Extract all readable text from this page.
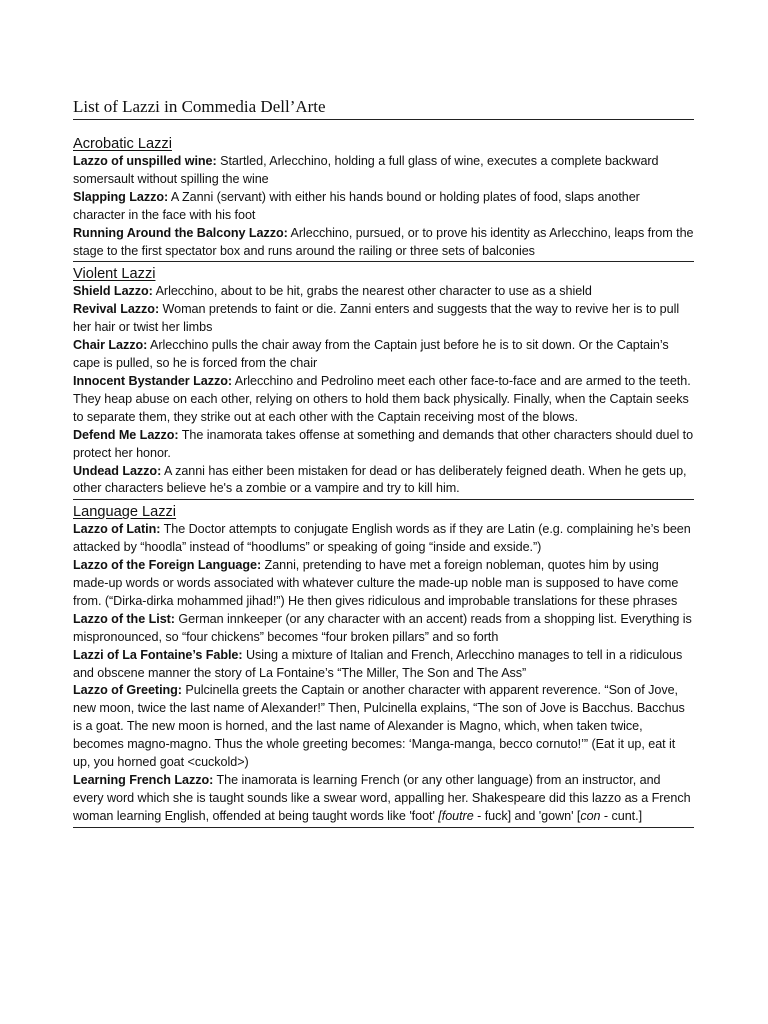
List of Lazzi in Commedia Dell’Arte
Acrobatic Lazzi
Lazzo of unspilled wine: Startled, Arlecchino, holding a full glass of wine, executes a complete backward somersault without spilling the wine
Slapping Lazzo: A Zanni (servant) with either his hands bound or holding plates of food, slaps another character in the face with his foot
Running Around the Balcony Lazzo: Arlecchino, pursued, or to prove his identity as Arlecchino, leaps from the stage to the first spectator box and runs around the railing or three sets of balconies
Violent Lazzi
Shield Lazzo: Arlecchino, about to be hit, grabs the nearest other character to use as a shield
Revival Lazzo: Woman pretends to faint or die. Zanni enters and suggests that the way to revive her is to pull her hair or twist her limbs
Chair Lazzo: Arlecchino pulls the chair away from the Captain just before he is to sit down. Or the Captain’s cape is pulled, so he is forced from the chair
Innocent Bystander Lazzo: Arlecchino and Pedrolino meet each other face-to-face and are armed to the teeth. They heap abuse on each other, relying on others to hold them back physically. Finally, when the Captain seeks to separate them, they strike out at each other with the Captain receiving most of the blows.
Defend Me Lazzo: The inamorata takes offense at something and demands that other characters should duel to protect her honor.
Undead Lazzo: A zanni has either been mistaken for dead or has deliberately feigned death. When he gets up, other characters believe he's a zombie or a vampire and try to kill him.
Language Lazzi
Lazzo of Latin: The Doctor attempts to conjugate English words as if they are Latin (e.g. complaining he’s been attacked by “hoodla” instead of “hoodlums” or speaking of going “inside and exside.”)
Lazzo of the Foreign Language: Zanni, pretending to have met a foreign nobleman, quotes him by using made-up words or words associated with whatever culture the made-up noble man is supposed to have come from. (“Dirka-dirka mohammed jihad!”) He then gives ridiculous and improbable translations for these phrases
Lazzo of the List: German innkeeper (or any character with an accent) reads from a shopping list. Everything is mispronounced, so “four chickens” becomes “four broken pillars” and so forth
Lazzi of La Fontaine’s Fable: Using a mixture of Italian and French, Arlecchino manages to tell in a ridiculous and obscene manner the story of La Fontaine’s “The Miller, The Son and The Ass”
Lazzo of Greeting: Pulcinella greets the Captain or another character with apparent reverence. “Son of Jove, new moon, twice the last name of Alexander!” Then, Pulcinella explains, “The son of Jove is Bacchus. Bacchus is a goat. The new moon is horned, and the last name of Alexander is Magno, which, when taken twice, becomes magno-magno. Thus the whole greeting becomes: ‘Manga-manga, becco cornuto!’” (Eat it up, eat it up, you horned goat <cuckold>)
Learning French Lazzo: The inamorata is learning French (or any other language) from an instructor, and every word which she is taught sounds like a swear word, appalling her. Shakespeare did this lazzo as a French woman learning English, offended at being taught words like 'foot' [foutre - fuck] and 'gown' [con - cunt.]
